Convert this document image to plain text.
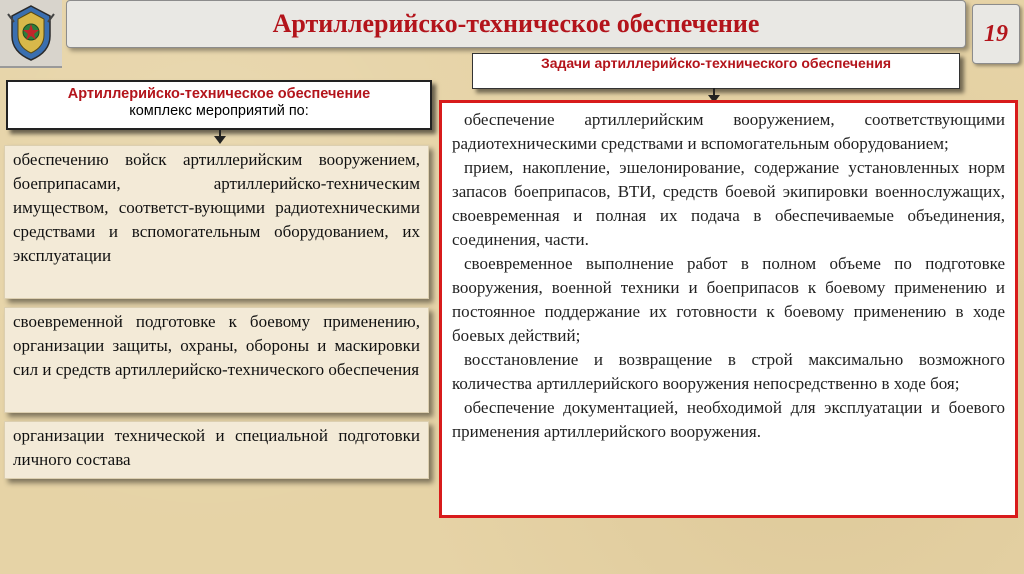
Артиллерийско-техническое обеспечение	19
Задачи артиллерийско-технического обеспечения
Артиллерийско-техническое обеспечение
комплекс мероприятий по:
обеспечению войск артиллерийским вооружением, боеприпасами, артиллерийско-техническим имуществом, соответст-вующими радиотехническими средствами и вспомогательным оборудованием, их эксплуатации
своевременной подготовке к боевому применению, организации защиты, охраны, обороны и маскировки сил и средств артиллерийско-технического обеспечения
организации технической и специальной подготовки личного состава

обеспечение артиллерийским вооружением, соответствующими радиотехническими средствами и вспомогательным оборудованием;

прием, накопление, эшелонирование, содержание установленных норм запасов боеприпасов, ВТИ, средств боевой экипировки военнослужащих, своевременная и полная их подача в обеспечиваемые объединения, соединения, части.

своевременное выполнение работ в полном объеме по подготовке вооружения, военной техники и боеприпасов к боевому применению и постоянное поддержание их готовности к боевому применению в ходе боевых действий;

восстановление и возвращение в строй максимально возможного количества артиллерийского вооружения непосредственно в ходе боя;

обеспечение документацией, необходимой для эксплуатации и боевого применения артиллерийского вооружения.
